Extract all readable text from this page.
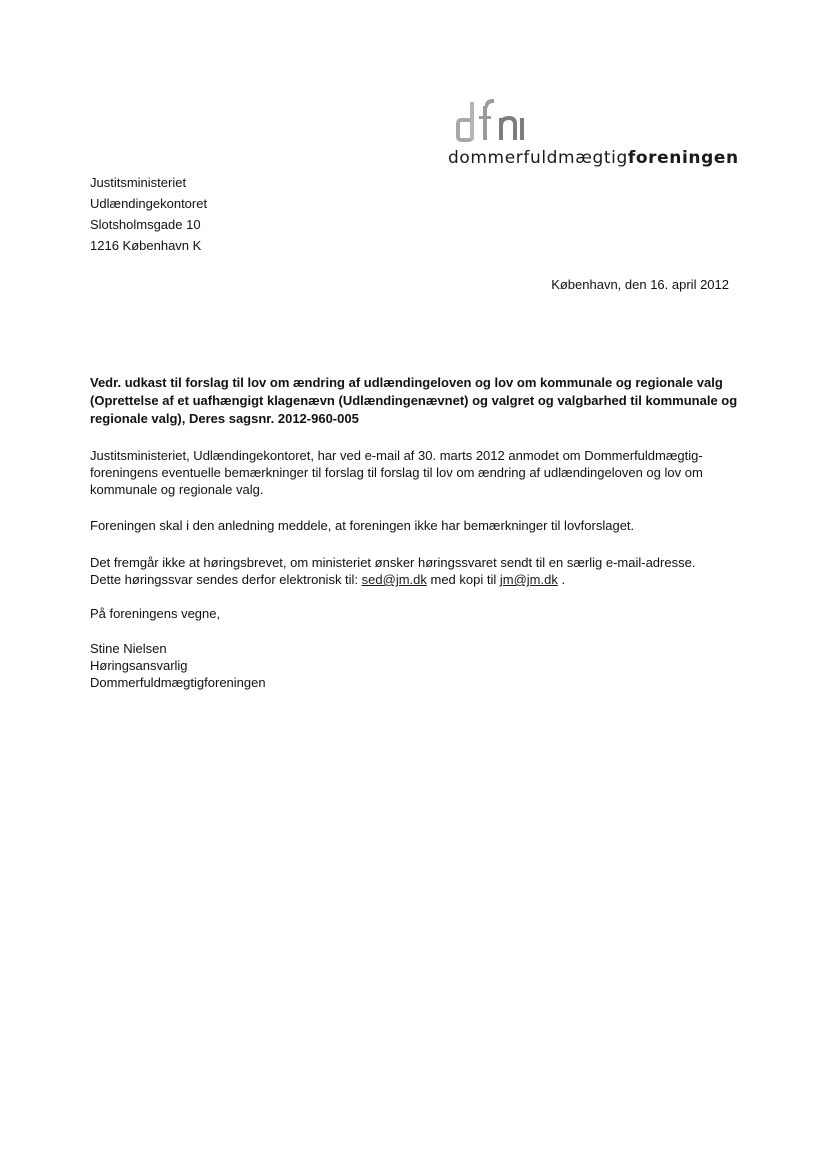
dommerfuldmægtigforeningen
Justitsministeriet
Udlændingekontoret
Slotsholmsgade 10
1216 København K
København, den 16. april 2012
Vedr. udkast til forslag til lov om ændring af udlændingeloven og lov om kommunale og regionale valg (Oprettelse af et uafhængigt klagenævn (Udlændingenævnet) og valgret og valgbarhed til kommunale og regionale valg), Deres sagsnr. 2012-960-005
Justitsministeriet, Udlændingekontoret, har ved e-mail af 30. marts 2012 anmodet om Dommerfuldmægtig-foreningens eventuelle bemærkninger til forslag til forslag til lov om ændring af udlændingeloven og lov om kommunale og regionale valg.
Foreningen skal i den anledning meddele, at foreningen ikke har bemærkninger til lovforslaget.
Det fremgår ikke at høringsbrevet, om ministeriet ønsker høringssvaret sendt til en særlig e-mail-adresse.
Dette høringssvar sendes derfor elektronisk til: sed@jm.dk med kopi til jm@jm.dk .
På foreningens vegne,
Stine Nielsen
Høringsansvarlig
Dommerfuldmægtigforeningen
